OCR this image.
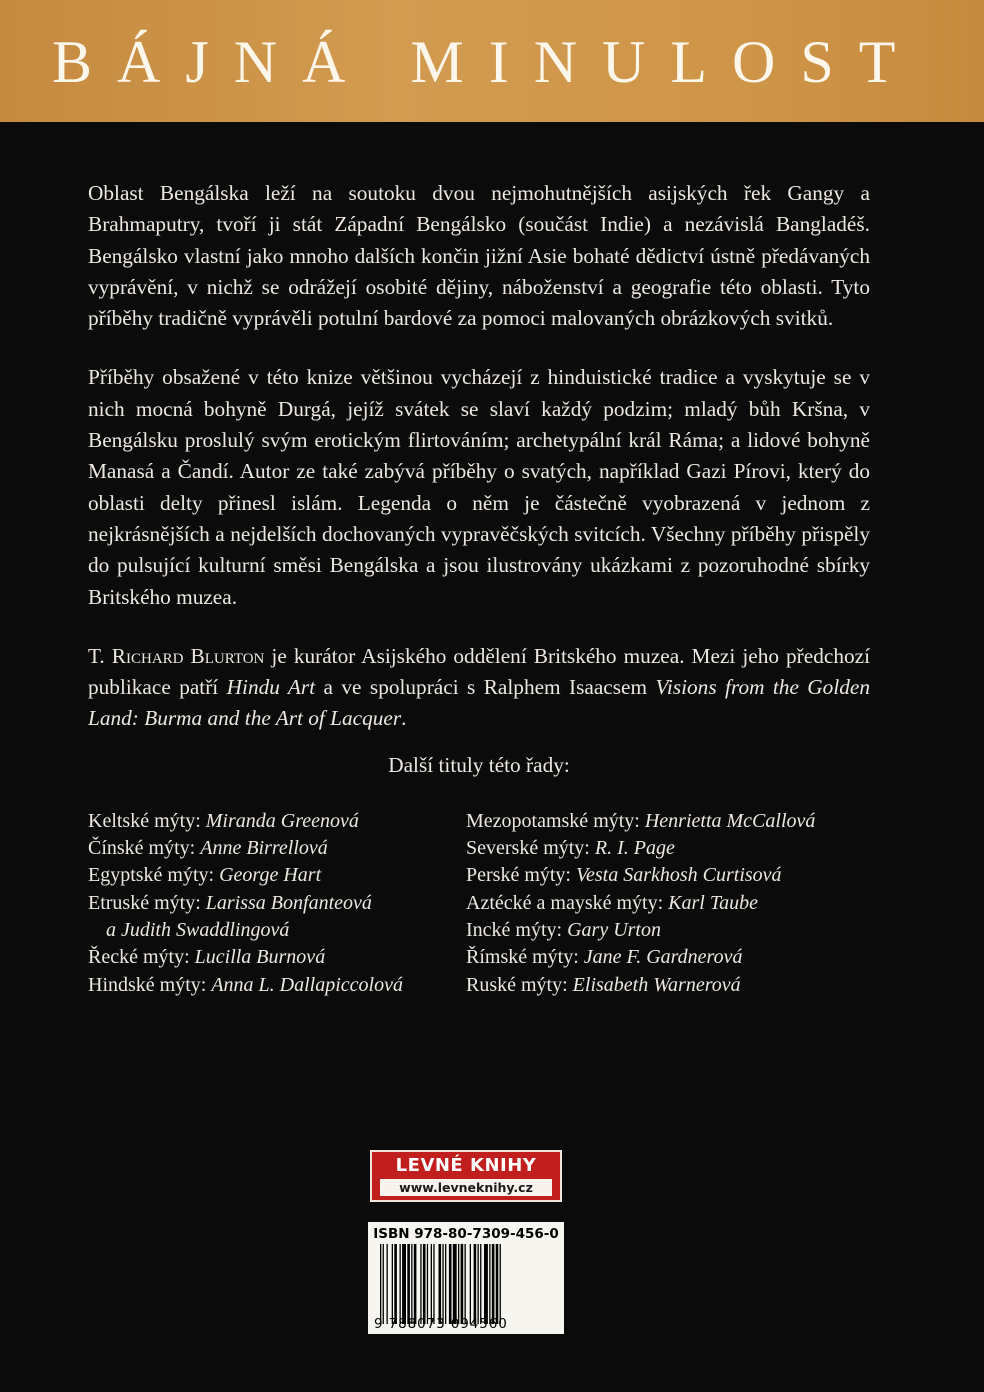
BÁJNÁ MINULOST

Oblast Bengálska leží na soutoku dvou nejmohutnějších asijských řek Gangy a Brahmaputry, tvoří ji stát Západní Bengálsko (součást Indie) a nezávislá Bangladéš. Bengálsko vlastní jako mnoho dalších končin jižní Asie bohaté dědictví ústně předávaných vyprávění, v nichž se odrážejí osobité dějiny, náboženství a geografie této oblasti. Tyto příběhy tradičně vyprávěli potulní bardové za pomoci malovaných obrázkových svitků.

Příběhy obsažené v této knize většinou vycházejí z hinduistické tradice a vyskytuje se v nich mocná bohyně Durgá, jejíž svátek se slaví každý podzim; mladý bůh Kršna, v Bengálsku proslulý svým erotickým flirtováním; archetypální král Ráma; a lidové bohyně Manasá a Čandí. Autor ze také zabývá příběhy o svatých, například Gazi Pírovi, který do oblasti delty přinesl islám. Legenda o něm je částečně vyobrazená v jednom z nejkrásnějších a nejdelších dochovaných vypravěčských svitcích. Všechny příběhy přispěly do pulsující kulturní směsi Bengálska a jsou ilustrovány ukázkami z pozoruhodné sbírky Britského muzea.

T. Richard Blurton je kurátor Asijského oddělení Britského muzea. Mezi jeho předchozí publikace patří Hindu Art a ve spolupráci s Ralphem Isaacsem Visions from the Golden Land: Burma and the Art of Lacquer.

Další tituly této řady:
Keltské mýty: Miranda Greenová
Čínské mýty: Anne Birrellová
Egyptské mýty: George Hart
Etruské mýty: Larissa Bonfanteová
a Judith Swaddlingová
Řecké mýty: Lucilla Burnová
Hindské mýty: Anna L. Dallapiccolová
Mezopotamské mýty: Henrietta McCallová
Severské mýty: R. I. Page
Perské mýty: Vesta Sarkhosh Curtisová
Aztécké a mayské mýty: Karl Taube
Incké mýty: Gary Urton
Římské mýty: Jane F. Gardnerová
Ruské mýty: Elisabeth Warnerová
LEVNÉ KNIHY
www.levneknihy.cz
ISBN 978-80-7309-456-0
9 788073 094560
